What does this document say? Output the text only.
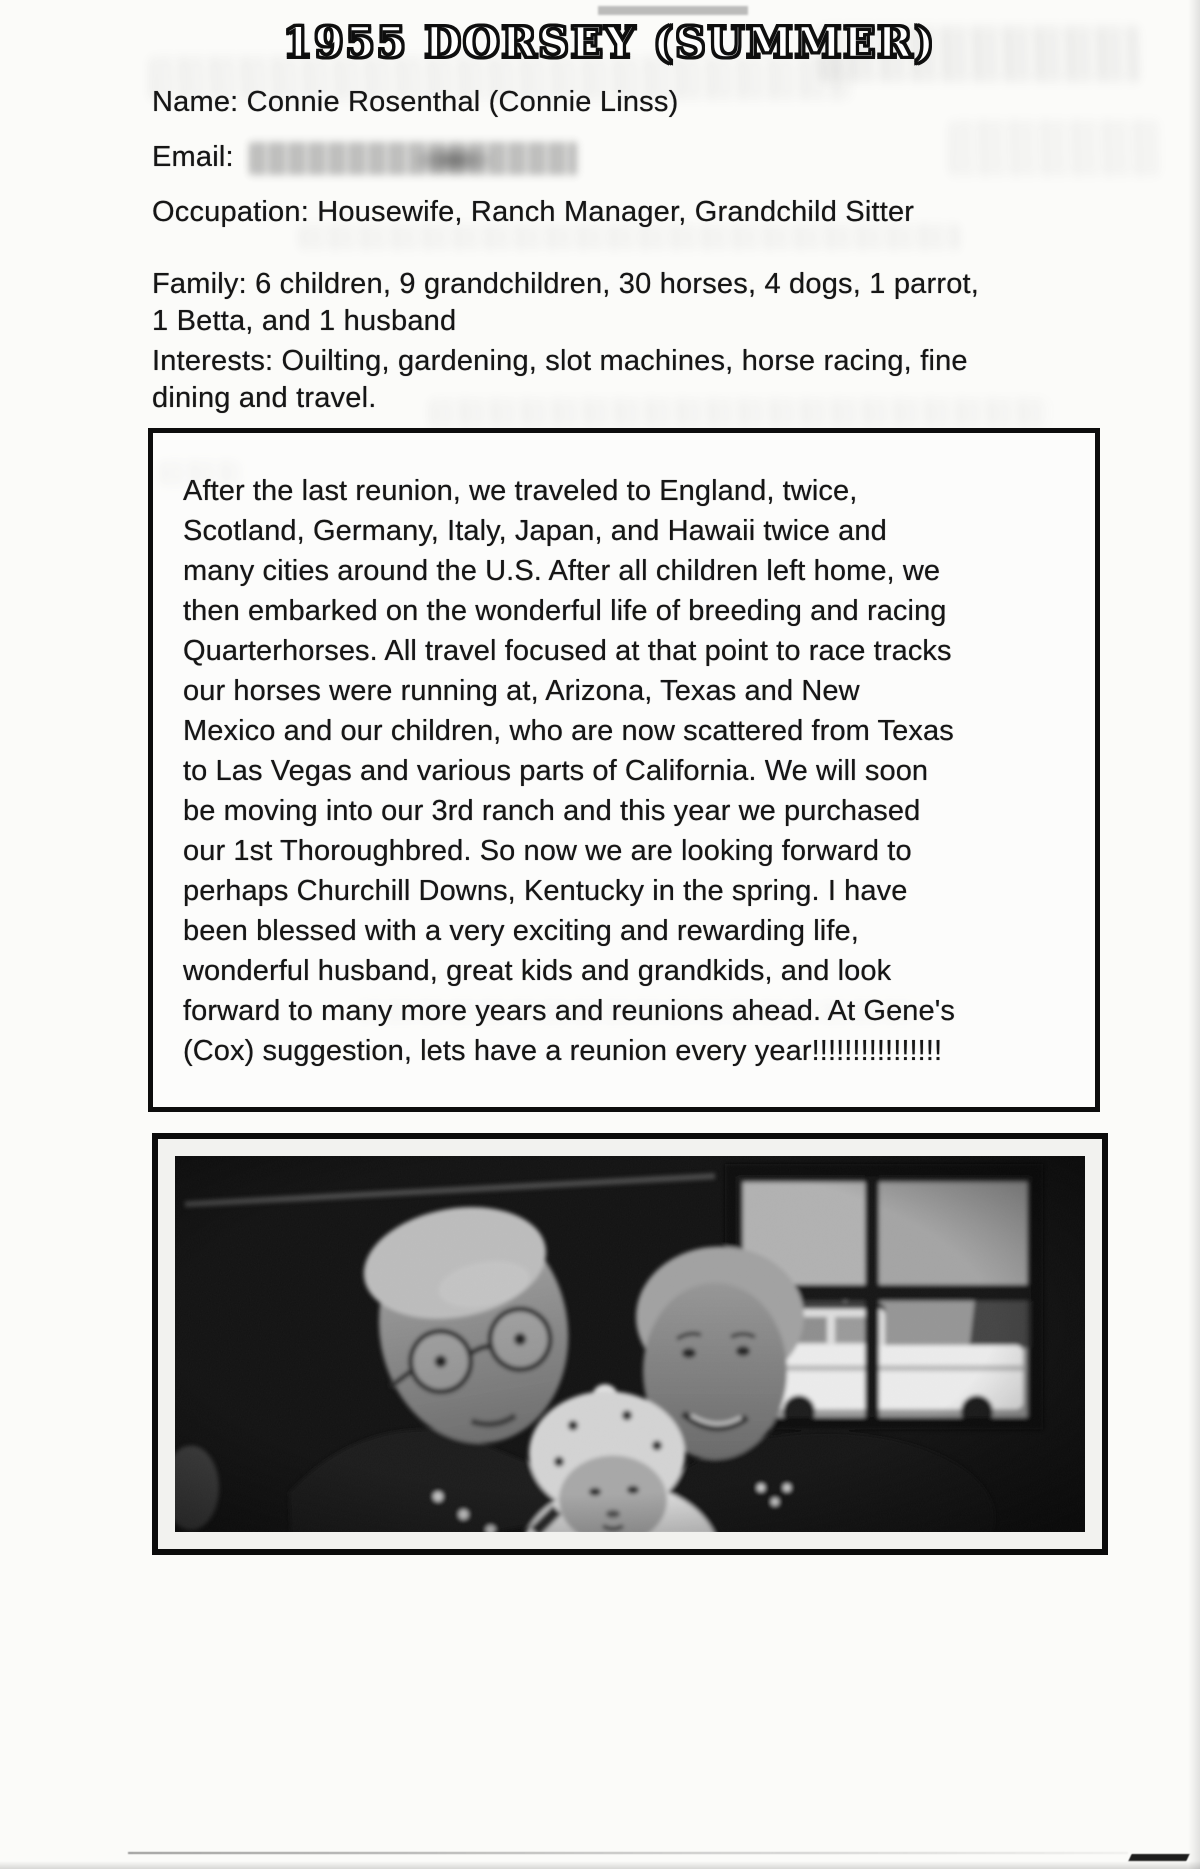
1955 DORSEY (SUMMER)
Name: Connie Rosenthal (Connie Linss)
Email:
Occupation: Housewife, Ranch Manager, Grandchild Sitter
Family: 6 children, 9 grandchildren, 30 horses, 4 dogs, 1 parrot,
1 Betta, and 1 husband
Interests: Ouilting, gardening, slot machines, horse racing, fine
dining and travel.
After the last reunion, we traveled to England, twice,
Scotland, Germany, Italy, Japan, and Hawaii twice and
many cities around the U.S. After all children left home, we
then embarked on the wonderful life of breeding and racing
Quarterhorses. All travel focused at that point to race tracks
our horses were running at, Arizona, Texas and New
Mexico and our children, who are now scattered from Texas
to Las Vegas and various parts of California. We will soon
be moving into our 3rd ranch and this year we purchased
our 1st Thoroughbred. So now we are looking forward to
perhaps Churchill Downs, Kentucky in the spring. I have
been blessed with a very exciting and rewarding life,
wonderful husband, great kids and grandkids, and look
forward to many more years and reunions ahead. At Gene's
(Cox) suggestion, lets have a reunion every year!!!!!!!!!!!!!!!!
